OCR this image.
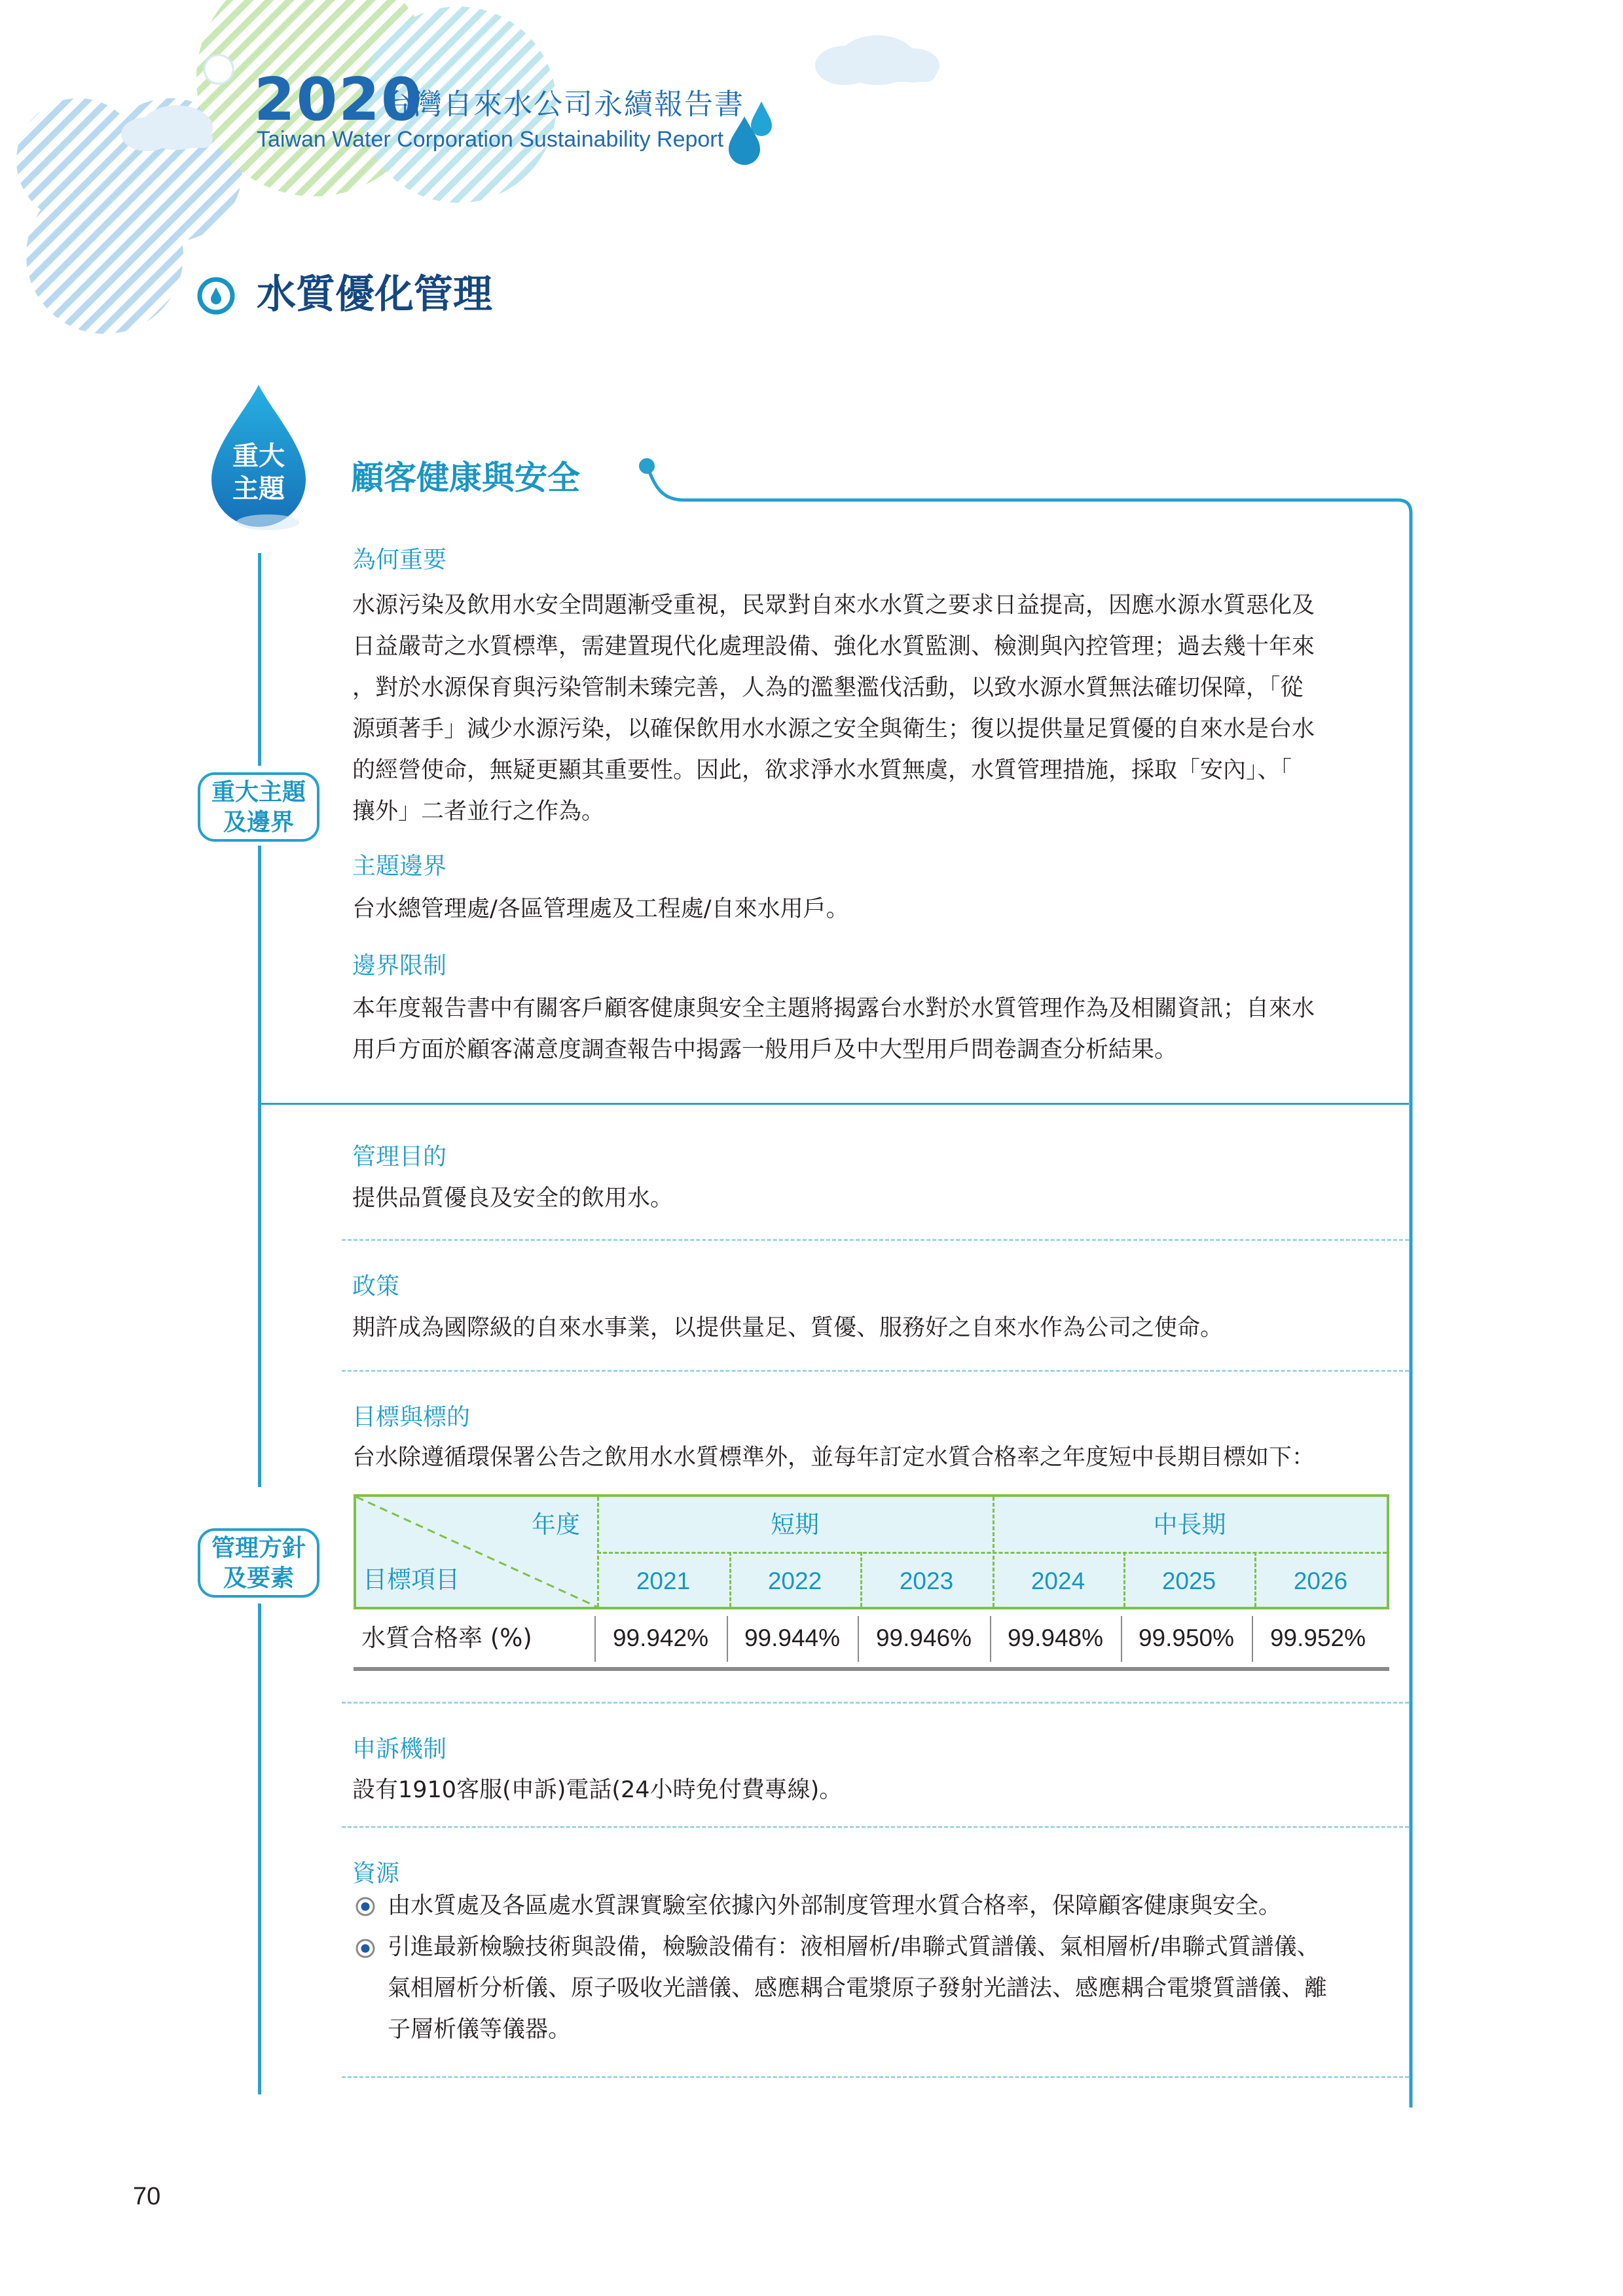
2020
台灣自來水公司永續報告書
Taiwan Water Corporation Sustainability Report
水質優化管理
重大
主題	顧客健康與安全
重大主題
及邊界
管理方針
及要素
為何重要

水源污染及飲用水安全問題漸受重視，民眾對自來水水質之要求日益提高，因應水源水質惡化及

日益嚴苛之水質標準，需建置現代化處理設備、強化水質監測、檢測與內控管理；過去幾十年來

，對於水源保育與污染管制未臻完善，人為的濫墾濫伐活動，以致水源水質無法確切保障，「從

源頭著手」減少水源污染，以確保飲用水水源之安全與衛生；復以提供量足質優的自來水是台水

的經營使命，無疑更顯其重要性。因此，欲求淨水水質無虞，水質管理措施，採取「安內」、「

攘外」二者並行之作為。

主題邊界

台水總管理處/各區管理處及工程處/自來水用戶。

邊界限制

本年度報告書中有關客戶顧客健康與安全主題將揭露台水對於水質管理作為及相關資訊；自來水

用戶方面於顧客滿意度調查報告中揭露一般用戶及中大型用戶問卷調查分析結果。

管理目的

提供品質優良及安全的飲用水。

政策

期許成為國際級的自來水事業，以提供量足、質優、服務好之自來水作為公司之使命。

目標與標的

台水除遵循環保署公告之飲用水水質標準外，並每年訂定水質合格率之年度短中長期目標如下：

年度
目標項目
短期	中長期
2021	2022	2023	2024	2025	2026
水質合格率 (%)	99.942%	99.944%	99.946%	99.948%	99.950%	99.952%
申訴機制

設有1910客服(申訴)電話(24小時免付費專線)。

資源

由水質處及各區處水質課實驗室依據內外部制度管理水質合格率，保障顧客健康與安全。

引進最新檢驗技術與設備，檢驗設備有：液相層析/串聯式質譜儀、氣相層析/串聯式質譜儀、

氣相層析分析儀、原子吸收光譜儀、感應耦合電漿原子發射光譜法、感應耦合電漿質譜儀、離

子層析儀等儀器。

70
